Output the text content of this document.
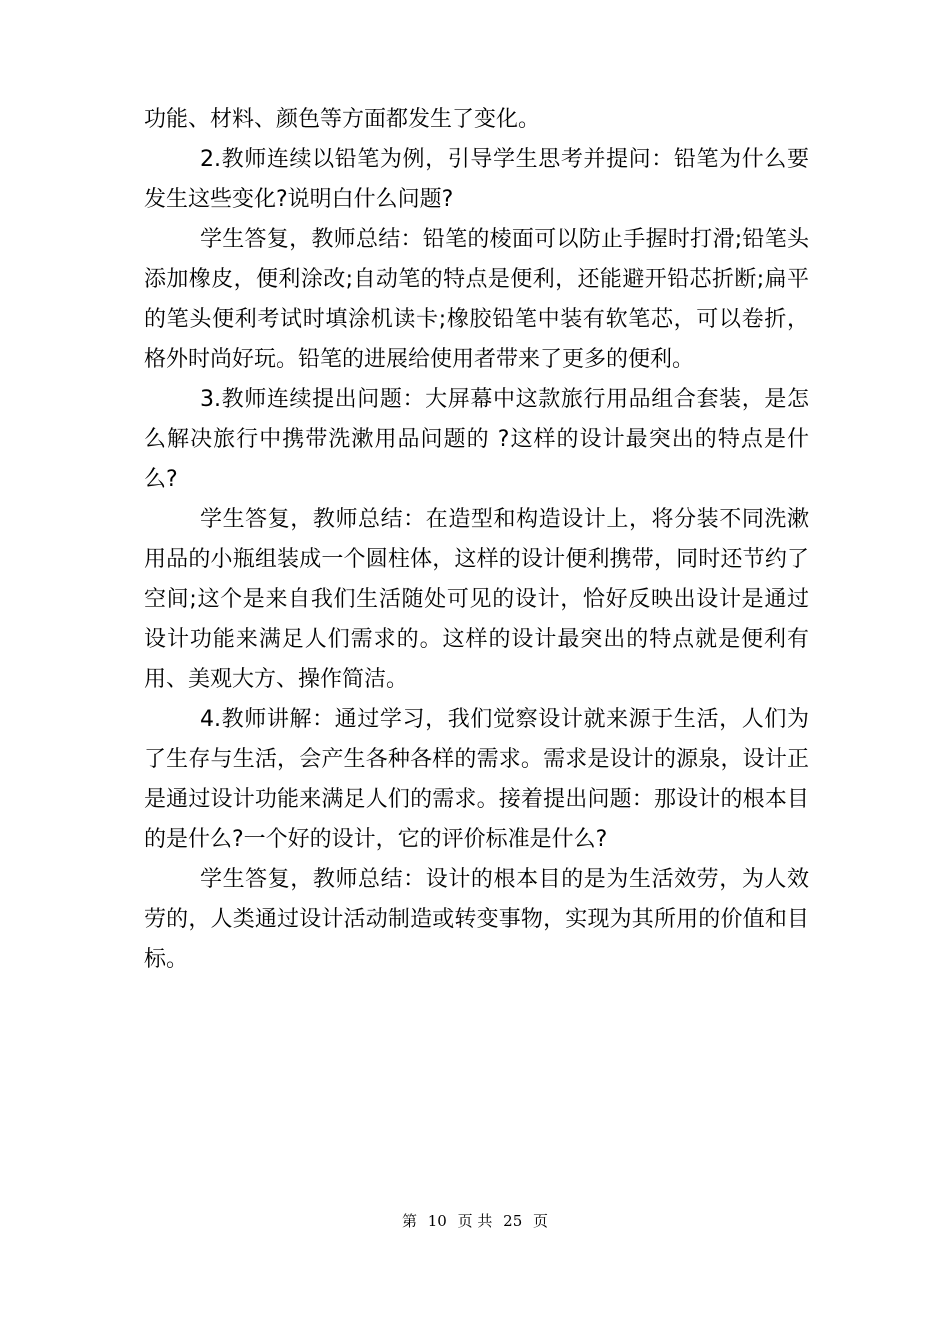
功能、材料、颜色等方面都发生了变化。

2.教师连续以铅笔为例，引导学生思考并提问：铅笔为什么要发生这些变化?说明白什么问题?

学生答复，教师总结：铅笔的棱面可以防止手握时打滑;铅笔头添加橡皮，便利涂改;自动笔的特点是便利，还能避开铅芯折断;扁平的笔头便利考试时填涂机读卡;橡胶铅笔中装有软笔芯，可以卷折，格外时尚好玩。铅笔的进展给使用者带来了更多的便利。

3.教师连续提出问题：大屏幕中这款旅行用品组合套装，是怎么解决旅行中携带洗漱用品问题的 ?这样的设计最突出的特点是什么?

学生答复，教师总结：在造型和构造设计上，将分装不同洗漱用品的小瓶组装成一个圆柱体，这样的设计便利携带，同时还节约了空间;这个是来自我们生活随处可见的设计，恰好反映出设计是通过设计功能来满足人们需求的。这样的设计最突出的特点就是便利有用、美观大方、操作简洁。

4.教师讲解：通过学习，我们觉察设计就来源于生活，人们为了生存与生活，会产生各种各样的需求。需求是设计的源泉，设计正是通过设计功能来满足人们的需求。接着提出问题：那设计的根本目的是什么?一个好的设计，它的评价标准是什么?

学生答复，教师总结：设计的根本目的是为生活效劳，为人效劳的，人类通过设计活动制造或转变事物，实现为其所用的价值和目标。

第 10 页 共 25 页
